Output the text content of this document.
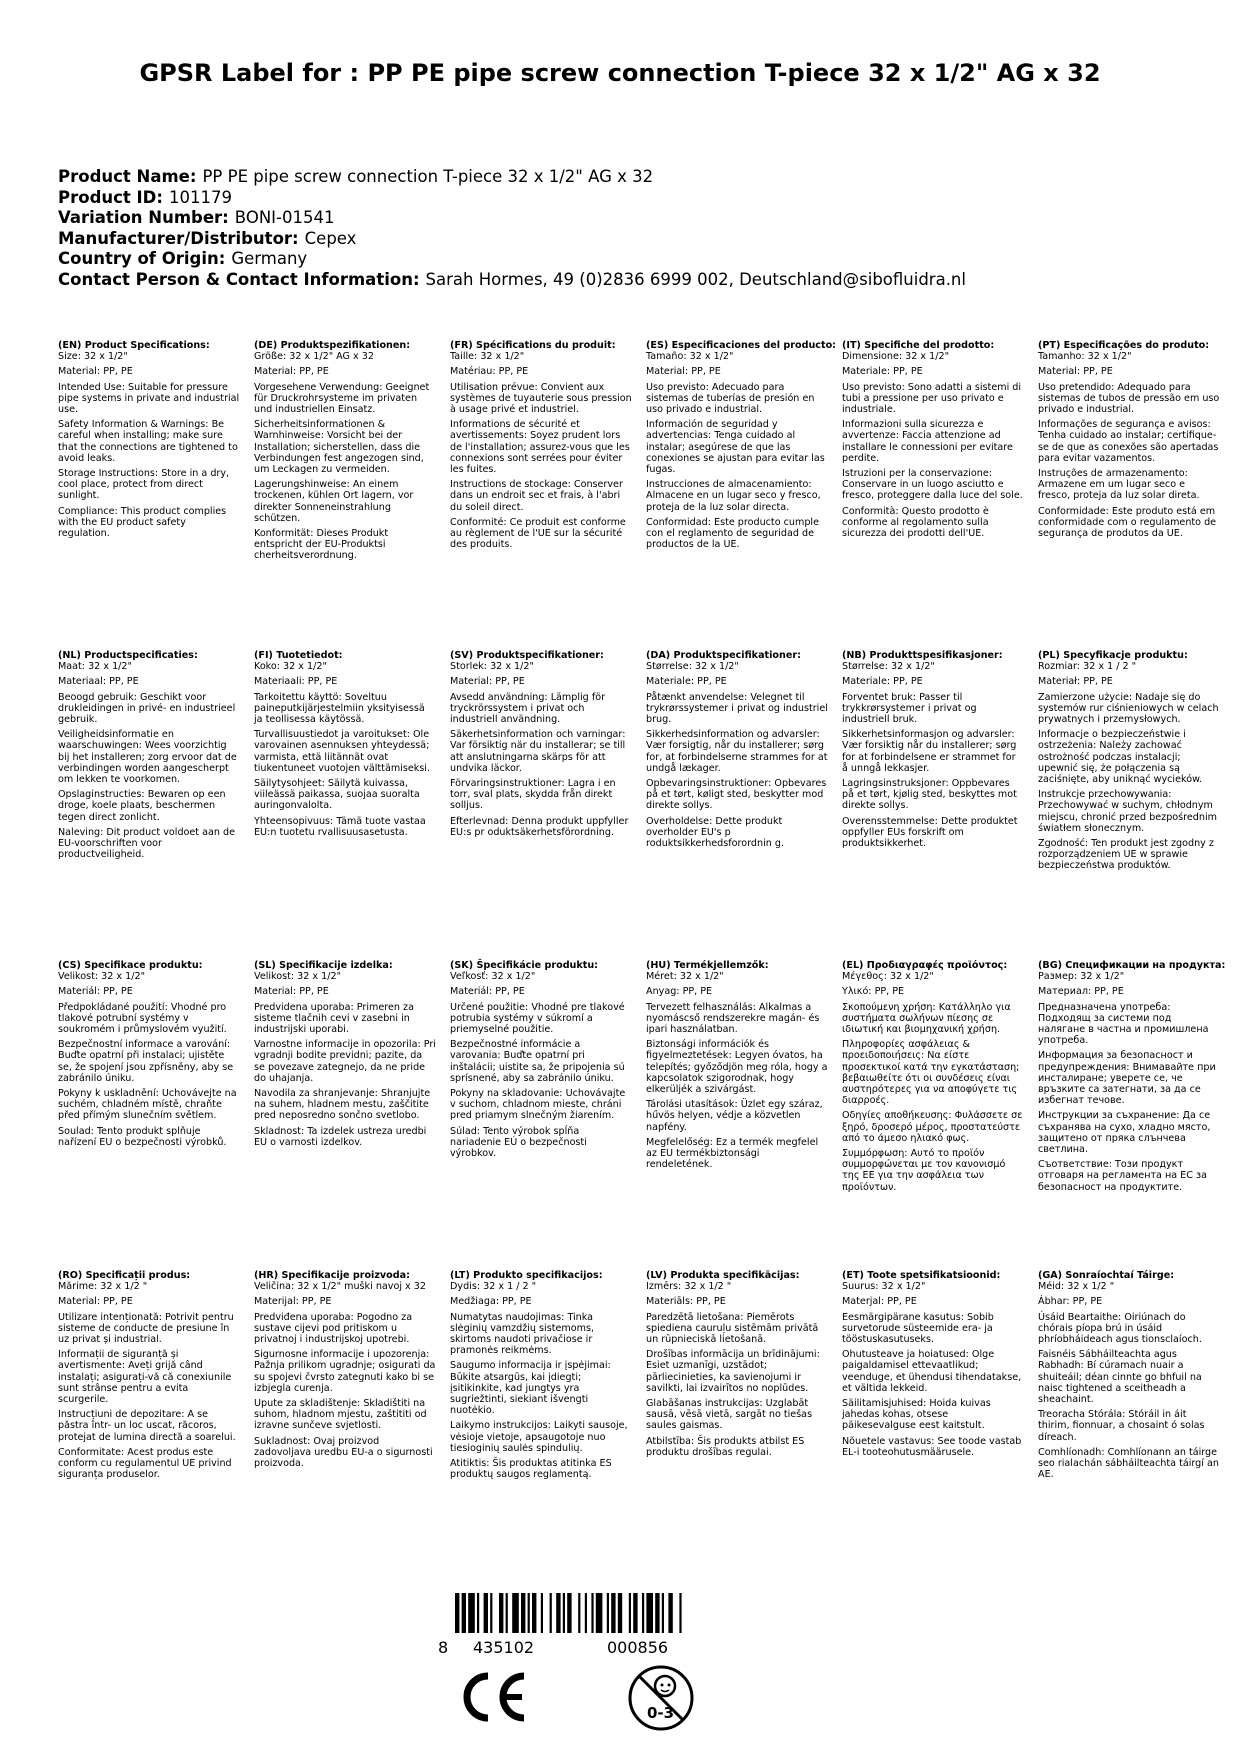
GPSR Label for : PP PE pipe screw connection T-piece 32 x 1/2" AG x 32
Product Name: PP PE pipe screw connection T-piece 32 x 1/2" AG x 32
Product ID: 101179
Variation Number: BONI-01541
Manufacturer/Distributor: Cepex
Country of Origin: Germany
Contact Person & Contact Information: Sarah Hormes, 49 (0)2836 6999 002, Deutschland@sibofluidra.nl
(EN) Product Specifications:

Size: 32 x 1/2"

Material: PP, PE

Intended Use: Suitable for pressure pipe systems in private and industrial use.

Safety Information & Warnings: Be careful when installing; make sure that the connections are tightened to avoid leaks.

Storage Instructions: Store in a dry, cool place, protect from direct sunlight.

Compliance: This product complies with the EU product safety regulation.

(DE) Produktspezifikationen:

Größe: 32 x 1/2" AG x 32

Material: PP, PE

Vorgesehene Verwendung: Geeignet für Druckrohrsysteme im privaten und industriellen Einsatz.

Sicherheitsinformationen & Warnhinweise: Vorsicht bei der Installation; sicherstellen, dass die Verbindungen fest angezogen sind, um Leckagen zu vermeiden.

Lagerungshinweise: An einem trockenen, kühlen Ort lagern, vor direkter Sonneneinstrahlung schützen.

Konformität: Dieses Produkt entspricht der EU-Produktsi cherheitsverordnung.

(FR) Spécifications du produit:

Taille: 32 x 1/2"

Matériau: PP, PE

Utilisation prévue: Convient aux systèmes de tuyauterie sous pression à usage privé et industriel.

Informations de sécurité et avertissements: Soyez prudent lors de l'installation; assurez-vous que les connexions sont serrées pour éviter les fuites.

Instructions de stockage: Conserver dans un endroit sec et frais, à l'abri du soleil direct.

Conformité: Ce produit est conforme au règlement de l'UE sur la sécurité des produits.

(ES) Especificaciones del producto:

Tamaño: 32 x 1/2"

Material: PP, PE

Uso previsto: Adecuado para sistemas de tuberías de presión en uso privado e industrial.

Información de seguridad y advertencias: Tenga cuidado al instalar; asegúrese de que las conexiones se ajustan para evitar las fugas.

Instrucciones de almacenamiento: Almacene en un lugar seco y fresco, proteja de la luz solar directa.

Conformidad: Este producto cumple con el reglamento de seguridad de productos de la UE.

(IT) Specifiche del prodotto:

Dimensione: 32 x 1/2"

Materiale: PP, PE

Uso previsto: Sono adatti a sistemi di tubi a pressione per uso privato e industriale.

Informazioni sulla sicurezza e avvertenze: Faccia attenzione ad installare le connessioni per evitare perdite.

Istruzioni per la conservazione: Conservare in un luogo asciutto e fresco, proteggere dalla luce del sole.

Conformità: Questo prodotto è conforme al regolamento sulla sicurezza dei prodotti dell'UE.

(PT) Especificações do produto:

Tamanho: 32 x 1/2"

Material: PP, PE

Uso pretendido: Adequado para sistemas de tubos de pressão em uso privado e industrial.

Informações de segurança e avisos: Tenha cuidado ao instalar; certifique-se de que as conexões são apertadas para evitar vazamentos.

Instruções de armazenamento: Armazene em um lugar seco e fresco, proteja da luz solar direta.

Conformidade: Este produto está em conformidade com o regulamento de segurança de produtos da UE.

(NL) Productspecificaties:

Maat: 32 x 1/2"

Materiaal: PP, PE

Beoogd gebruik: Geschikt voor drukleidingen in privé- en industrieel gebruik.

Veiligheidsinformatie en waarschuwingen: Wees voorzichtig bij het installeren; zorg ervoor dat de verbindingen worden aangescherpt om lekken te voorkomen.

Opslaginstructies: Bewaren op een droge, koele plaats, beschermen tegen direct zonlicht.

Naleving: Dit product voldoet aan de EU-voorschriften voor productveiligheid.

(FI) Tuotetiedot:

Koko: 32 x 1/2"

Materiaali: PP, PE

Tarkoitettu käyttö: Soveltuu paineputkijärjestelmiin yksityisessä ja teollisessa käytössä.

Turvallisuustiedot ja varoitukset: Ole varovainen asennuksen yhteydessä; varmista, että liitännät ovat tiukentuneet vuotojen välttämiseksi.

Säilytysohjeet: Säilytä kuivassa, viileässä paikassa, suojaa suoralta auringonvalolta.

Yhteensopivuus: Tämä tuote vastaa EU:n tuotetu rvallisuusasetusta.

(SV) Produktspecifikationer:

Storlek: 32 x 1/2"

Material: PP, PE

Avsedd användning: Lämplig för tryckrörssystem i privat och industriell användning.

Säkerhetsinformation och varningar: Var försiktig när du installerar; se till att anslutningarna skärps för att undvika läckor.

Förvaringsinstruktioner: Lagra i en torr, sval plats, skydda från direkt solljus.

Efterlevnad: Denna produkt uppfyller EU:s pr oduktsäkerhetsförordning.

(DA) Produktspecifikationer:

Størrelse: 32 x 1/2"

Materiale: PP, PE

Påtænkt anvendelse: Velegnet til trykrørssystemer i privat og industriel brug.

Sikkerhedsinformation og advarsler: Vær forsigtig, når du installerer; sørg for, at forbindelserne strammes for at undgå lækager.

Opbevaringsinstruktioner: Opbevares på et tørt, køligt sted, beskytter mod direkte sollys.

Overholdelse: Dette produkt overholder EU's p roduktsikkerhedsforordnin g.

(NB) Produkttspesifikasjoner:

Størrelse: 32 x 1/2"

Materiale: PP, PE

Forventet bruk: Passer til trykkrørsystemer i privat og industriell bruk.

Sikkerhetsinformasjon og advarsler: Vær forsiktig når du installerer; sørg for at forbindelsene er strammet for å unngå lekkasjer.

Lagringsinstruksjoner: Oppbevares på et tørt, kjølig sted, beskyttes mot direkte sollys.

Overensstemmelse: Dette produktet oppfyller EUs forskrift om produktsikkerhet.

(PL) Specyfikacje produktu:

Rozmiar: 32 x 1 / 2 "

Materiał: PP, PE

Zamierzone użycie: Nadaje się do systemów rur ciśnieniowych w celach prywatnych i przemysłowych.

Informacje o bezpieczeństwie i ostrzeżenia: Należy zachować ostrożność podczas instalacji; upewnić się, że połączenia są zaciśnięte, aby uniknąć wycieków.

Instrukcje przechowywania: Przechowywać w suchym, chłodnym miejscu, chronić przed bezpośrednim światłem słonecznym.

Zgodność: Ten produkt jest zgodny z rozporządzeniem UE w sprawie bezpieczeństwa produktów.

(CS) Specifikace produktu:

Velikost: 32 x 1/2"

Materiál: PP, PE

Předpokládané použití: Vhodné pro tlakové potrubní systémy v soukromém i průmyslovém využití.

Bezpečnostní informace a varování: Buďte opatrní při instalaci; ujistěte se, že spojení jsou zpřísněny, aby se zabránilo úniku.

Pokyny k uskladnění: Uchovávejte na suchém, chladném místě, chraňte před přímým slunečním světlem.

Soulad: Tento produkt splňuje nařízení EU o bezpečnosti výrobků.

(SL) Specifikacije izdelka:

Velikost: 32 x 1/2"

Material: PP, PE

Predvidena uporaba: Primeren za sisteme tlačnih cevi v zasebni in industrijski uporabi.

Varnostne informacije in opozorila: Pri vgradnji bodite previdni; pazite, da se povezave zategnejo, da ne pride do uhajanja.

Navodila za shranjevanje: Shranjujte na suhem, hladnem mestu, zaščitite pred neposredno sončno svetlobo.

Skladnost: Ta izdelek ustreza uredbi EU o varnosti izdelkov.

(SK) Špecifikácie produktu:

Veľkosť: 32 x 1/2"

Materiál: PP, PE

Určené použitie: Vhodné pre tlakové potrubia systémy v súkromí a priemyselné použitie.

Bezpečnostné informácie a varovania: Buďte opatrní pri inštalácii; uistite sa, že pripojenia sú sprísnené, aby sa zabránilo úniku.

Pokyny na skladovanie: Uchovávajte v suchom, chladnom mieste, chráni pred priamym slnečným žiarením.

Súlad: Tento výrobok spĺňa nariadenie EÚ o bezpečnosti výrobkov.

(HU) Termékjellemzők:

Méret: 32 x 1/2"

Anyag: PP, PE

Tervezett felhasználás: Alkalmas a nyomáscső rendszerekre magán- és ipari használatban.

Biztonsági információk és figyelmeztetések: Legyen óvatos, ha telepítés; győződjön meg róla, hogy a kapcsolatok szigorodnak, hogy elkerüljék a szivárgást.

Tárolási utasítások: Üzlet egy száraz, hűvös helyen, védje a közvetlen napfény.

Megfelelőség: Ez a termék megfelel az EU termékbiztonsági rendeletének.

(EL) Προδιαγραφές προϊόντος:

Μέγεθος: 32 x 1/2"

Υλικό: PP, PE

Σκοπούμενη χρήση: Κατάλληλο για συστήματα σωλήνων πίεσης σε ιδιωτική και βιομηχανική χρήση.

Πληροφορίες ασφάλειας & προειδοποιήσεις: Να είστε προσεκτικοί κατά την εγκατάσταση; βεβαιωθείτε ότι οι συνδέσεις είναι αυστηρότερες για να αποφύγετε τις διαρροές.

Οδηγίες αποθήκευσης: Φυλάσσετε σε ξηρό, δροσερό μέρος, προστατεύστε από το άμεσο ηλιακό φως.

Συμμόρφωση: Αυτό το προϊόν συμμορφώνεται με τον κανονισμό της ΕΕ για την ασφάλεια των προϊόντων.

(BG) Спецификации на продукта:

Размер: 32 x 1/2"

Материал: PP, PE

Предназначена употреба: Подходящ за системи под налягане в частна и промишлена употреба.

Информация за безопасност и предупреждения: Внимавайте при инсталиране; уверете се, че връзките са затегнати, за да се избегнат течове.

Инструкции за съхранение: Да се съхранява на сухо, хладно място, защитено от пряка слънчева светлина.

Съответствие: Този продукт отговаря на регламента на ЕС за безопасност на продуктите.

(RO) Specificații produs:

Mărime: 32 x 1/2 "

Material: PP, PE

Utilizare intenționată: Potrivit pentru sisteme de conducte de presiune în uz privat și industrial.

Informații de siguranță și avertismente: Aveți grijă când instalați; asigurați-vă că conexiunile sunt strânse pentru a evita scurgerile.

Instrucțiuni de depozitare: A se păstra într- un loc uscat, răcoros, protejat de lumina directă a soarelui.

Conformitate: Acest produs este conform cu regulamentul UE privind siguranța produselor.

(HR) Specifikacije proizvoda:

Veličina: 32 x 1/2" muški navoj x 32

Materijal: PP, PE

Predviđena uporaba: Pogodno za sustave cijevi pod pritiskom u privatnoj i industrijskoj upotrebi.

Sigurnosne informacije i upozorenja: Pažnja prilikom ugradnje; osigurati da su spojevi čvrsto zategnuti kako bi se izbjegla curenja.

Upute za skladištenje: Skladištiti na suhom, hladnom mjestu, zaštititi od izravne sunčeve svjetlosti.

Sukladnost: Ovaj proizvod zadovoljava uredbu EU-a o sigurnosti proizvoda.

(LT) Produkto specifikacijos:

Dydis: 32 x 1 / 2 "

Medžiaga: PP, PE

Numatytas naudojimas: Tinka slėginių vamzdžių sistemoms, skirtoms naudoti privačiose ir pramonės reikmėms.

Saugumo informacija ir įspėjimai: Būkite atsargūs, kai įdiegti; įsitikinkite, kad jungtys yra sugriežtinti, siekiant išvengti nuotėkio.

Laikymo instrukcijos: Laikyti sausoje, vėsioje vietoje, apsaugotoje nuo tiesioginių saulės spindulių.

Atitiktis: Šis produktas atitinka ES produktų saugos reglamentą.

(LV) Produkta specifikācijas:

Izmērs: 32 x 1/2 "

Materiāls: PP, PE

Paredzētā lietošana: Piemērots spiediena cauruļu sistēmām privātā un rūpnieciskā lietošanā.

Drošības informācija un brīdinājumi: Esiet uzmanīgi, uzstādot; pārliecinieties, ka savienojumi ir savilkti, lai izvairītos no noplūdes.

Glabāšanas instrukcijas: Uzglabāt sausā, vēsā vietā, sargāt no tiešas saules gaismas.

Atbilstība: Šis produkts atbilst ES produktu drošības regulai.

(ET) Toote spetsifikatsioonid:

Suurus: 32 x 1/2"

Materjal: PP, PE

Eesmärgipärane kasutus: Sobib survetorude süsteemide era- ja tööstuskasutuseks.

Ohutusteave ja hoiatused: Olge paigaldamisel ettevaatlikud; veenduge, et ühendusi tihendatakse, et vältida lekkeid.

Säilitamisjuhised: Hoida kuivas jahedas kohas, otsese päikesevalguse eest kaitstult.

Nõuetele vastavus: See toode vastab EL-i tooteohutusmäärusele.

(GA) Sonraíochtaí Táirge:

Méid: 32 x 1/2 "

Ábhar: PP, PE

Úsáid Beartaithe: Oiriúnach do chórais píopa brú in úsáid phríobháideach agus tionsclaíoch.

Faisnéis Sábháilteachta agus Rabhadh: Bí cúramach nuair a shuiteáil; déan cinnte go bhfuil na naisc tightened a sceitheadh a sheachaint.

Treoracha Stórála: Stóráil in áit thirim, fionnuar, a chosaint ó solas díreach.

Comhlíonadh: Comhlíonann an táirge seo rialachán sábháilteachta táirgí an AE.

8 435102	000856
0-3
